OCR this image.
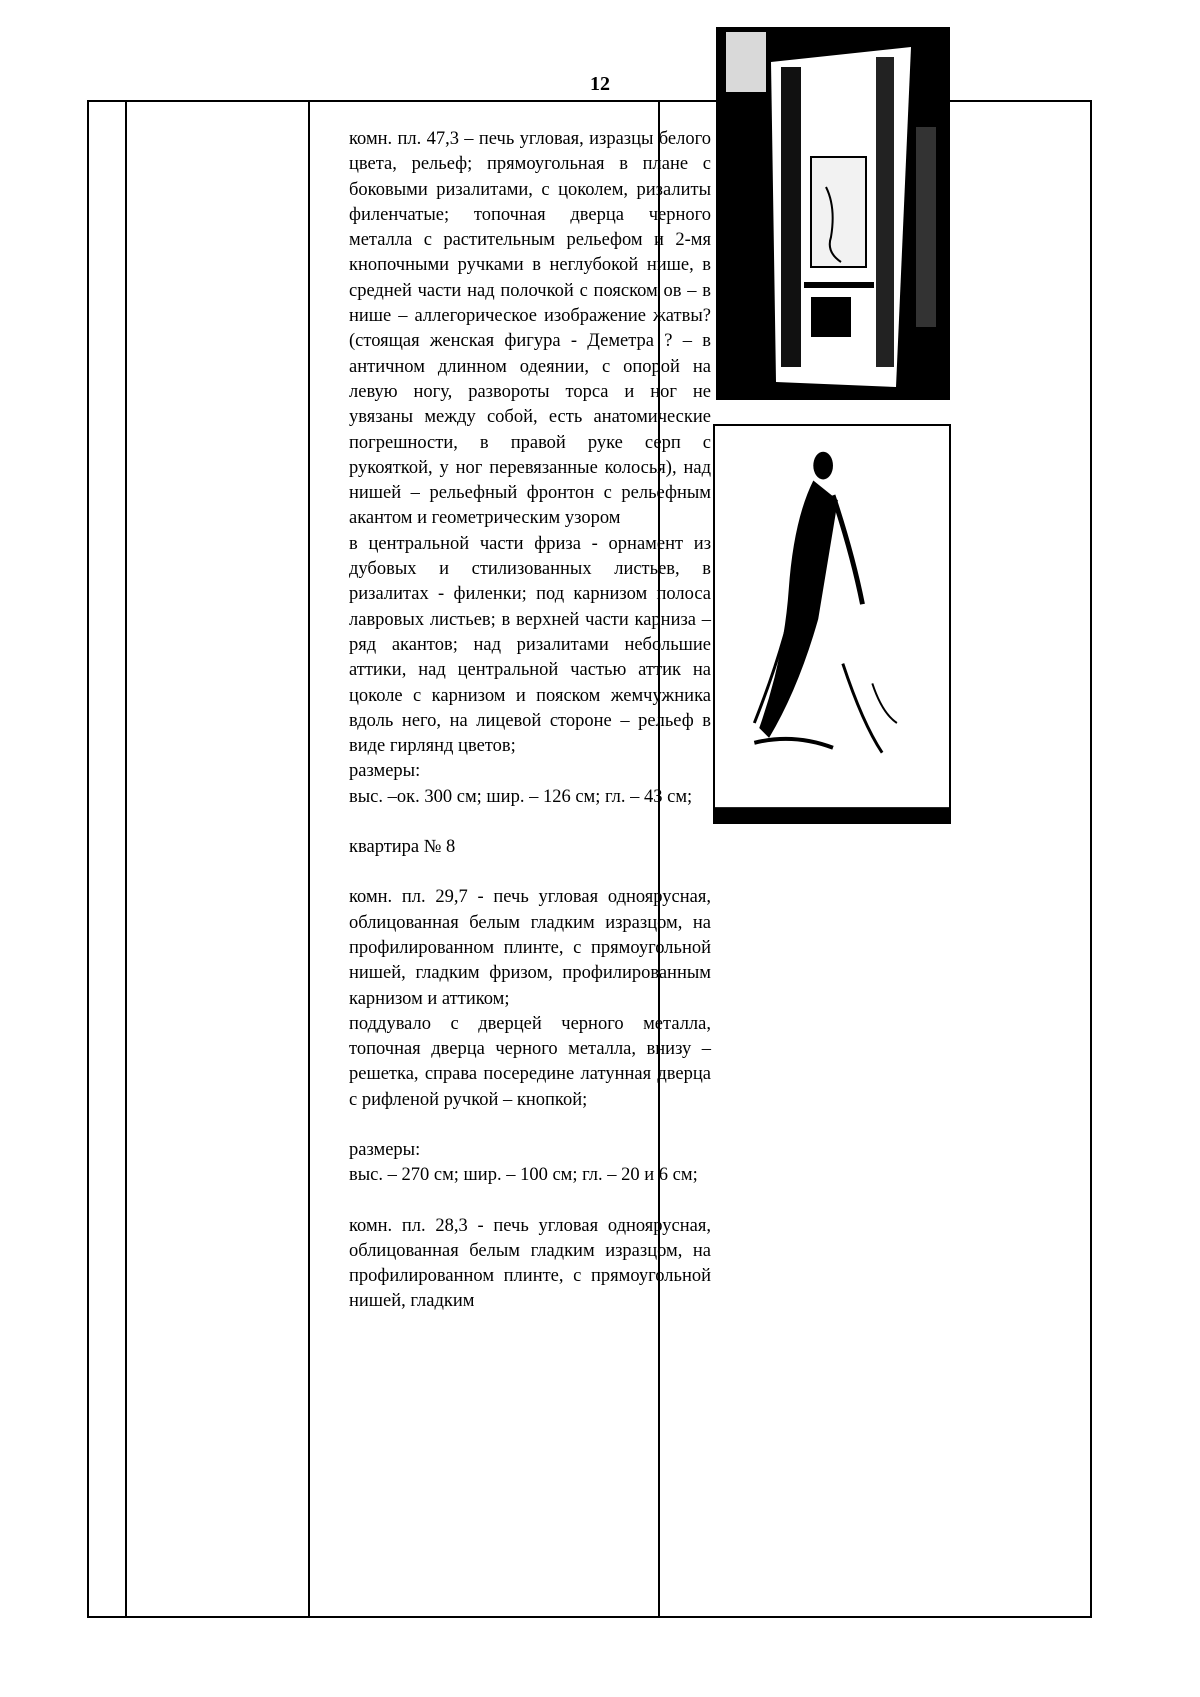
12

комн. пл. 47,3 – печь угловая, изразцы белого цвета, рельеф; прямоугольная в плане с боковыми ризалитами, с цоколем, ризалиты филенчатые; топочная дверца черного металла с растительным рельефом и 2-мя кнопочными ручками в неглубокой нише, в средней части над полочкой с пояском ов – в нише – аллегорическое изображение жатвы? (стоящая женская фигура - Деметра ? – в античном длинном одеянии, с опорой на левую ногу, развороты торса и ног не увязаны между собой, есть анатомические погрешности, в правой руке серп с рукояткой, у ног перевязанные колосья), над нишей – рельефный фронтон с рельефным акантом и геометрическим узором

в центральной части фриза - орнамент из дубовых и стилизованных листьев, в ризалитах - филенки; под карнизом полоса лавровых листьев; в верхней части карниза – ряд акантов; над ризалитами небольшие аттики, над центральной частью аттик на цоколе с карнизом и пояском жемчужника вдоль него, на лицевой стороне – рельеф в виде гирлянд цветов;

размеры:

выс. –ок. 300 см; шир. – 126 см; гл. – 43 см;

квартира № 8

комн. пл. 29,7 - печь угловая одноярусная, облицованная белым гладким изразцом, на профилированном плинте, с прямоугольной нишей, гладким фризом, профилированным карнизом и аттиком;

поддувало с дверцей черного металла, топочная дверца черного металла, внизу – решетка, справа посередине латунная дверца с рифленой ручкой – кнопкой;

размеры:

выс. – 270 см; шир. – 100 см; гл. – 20 и 6 см;

комн. пл. 28,3 - печь угловая одноярусная, облицованная белым гладким изразцом, на профилированном плинте, с прямоугольной нишей, гладким
